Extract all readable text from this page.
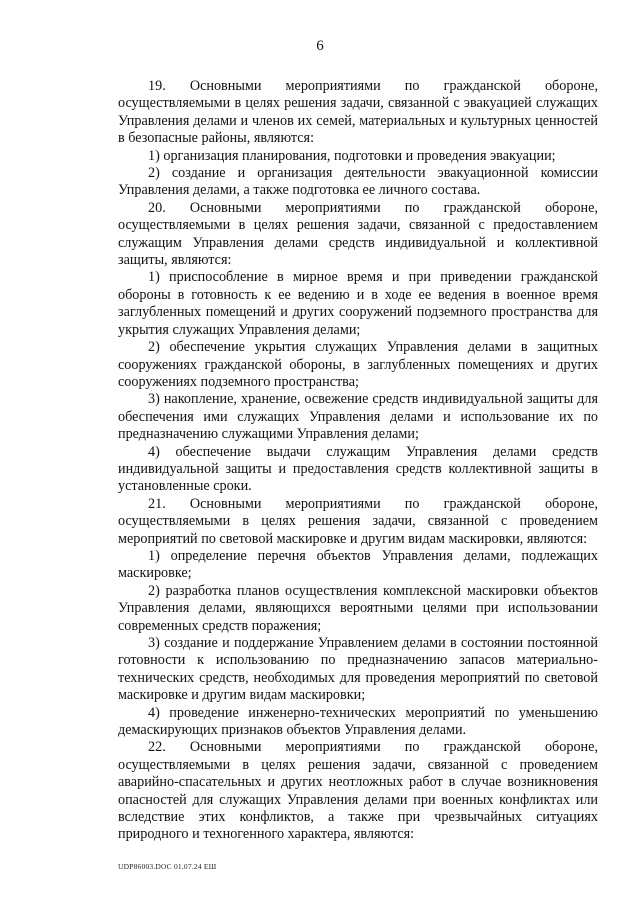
6

19. Основными мероприятиями по гражданской обороне, осуществляемыми в целях решения задачи, связанной с эвакуацией служащих Управления делами и членов их семей, материальных и культурных ценностей в безопасные районы, являются:

1) организация планирования, подготовки и проведения эвакуации;

2) создание и организация деятельности эвакуационной комиссии Управления делами, а также подготовка ее личного состава.

20. Основными мероприятиями по гражданской обороне, осуществляемыми в целях решения задачи, связанной с предоставлением служащим Управления делами средств индивидуальной и коллективной защиты, являются:

1) приспособление в мирное время и при приведении гражданской обороны в готовность к ее ведению и в ходе ее ведения в военное время заглубленных помещений и других сооружений подземного пространства для укрытия служащих Управления делами;

2) обеспечение укрытия служащих Управления делами в защитных сооружениях гражданской обороны, в заглубленных помещениях и других сооружениях подземного пространства;

3) накопление, хранение, освежение средств индивидуальной защиты для обеспечения ими служащих Управления делами и использование их по предназначению служащими Управления делами;

4) обеспечение выдачи служащим Управления делами средств индивидуальной защиты и предоставления средств коллективной защиты в установленные сроки.

21. Основными мероприятиями по гражданской обороне, осуществляемыми в целях решения задачи, связанной с проведением мероприятий по световой маскировке и другим видам маскировки, являются:

1) определение перечня объектов Управления делами, подлежащих маскировке;

2) разработка планов осуществления комплексной маскировки объектов Управления делами, являющихся вероятными целями при использовании современных средств поражения;

3) создание и поддержание Управлением делами в состоянии постоянной готовности к использованию по предназначению запасов материально-технических средств, необходимых для проведения мероприятий по световой маскировке и другим видам маскировки;

4) проведение инженерно-технических мероприятий по уменьшению демаскирующих признаков объектов Управления делами.

22. Основными мероприятиями по гражданской обороне, осуществляемыми в целях решения задачи, связанной с проведением аварийно-спасательных и других неотложных работ в случае возникновения опасностей для служащих Управления делами при военных конфликтах или вследствие этих конфликтов, а также при чрезвычайных ситуациях природного и техногенного характера, являются:

UDP86003.DOC 01.07.24 EШ
